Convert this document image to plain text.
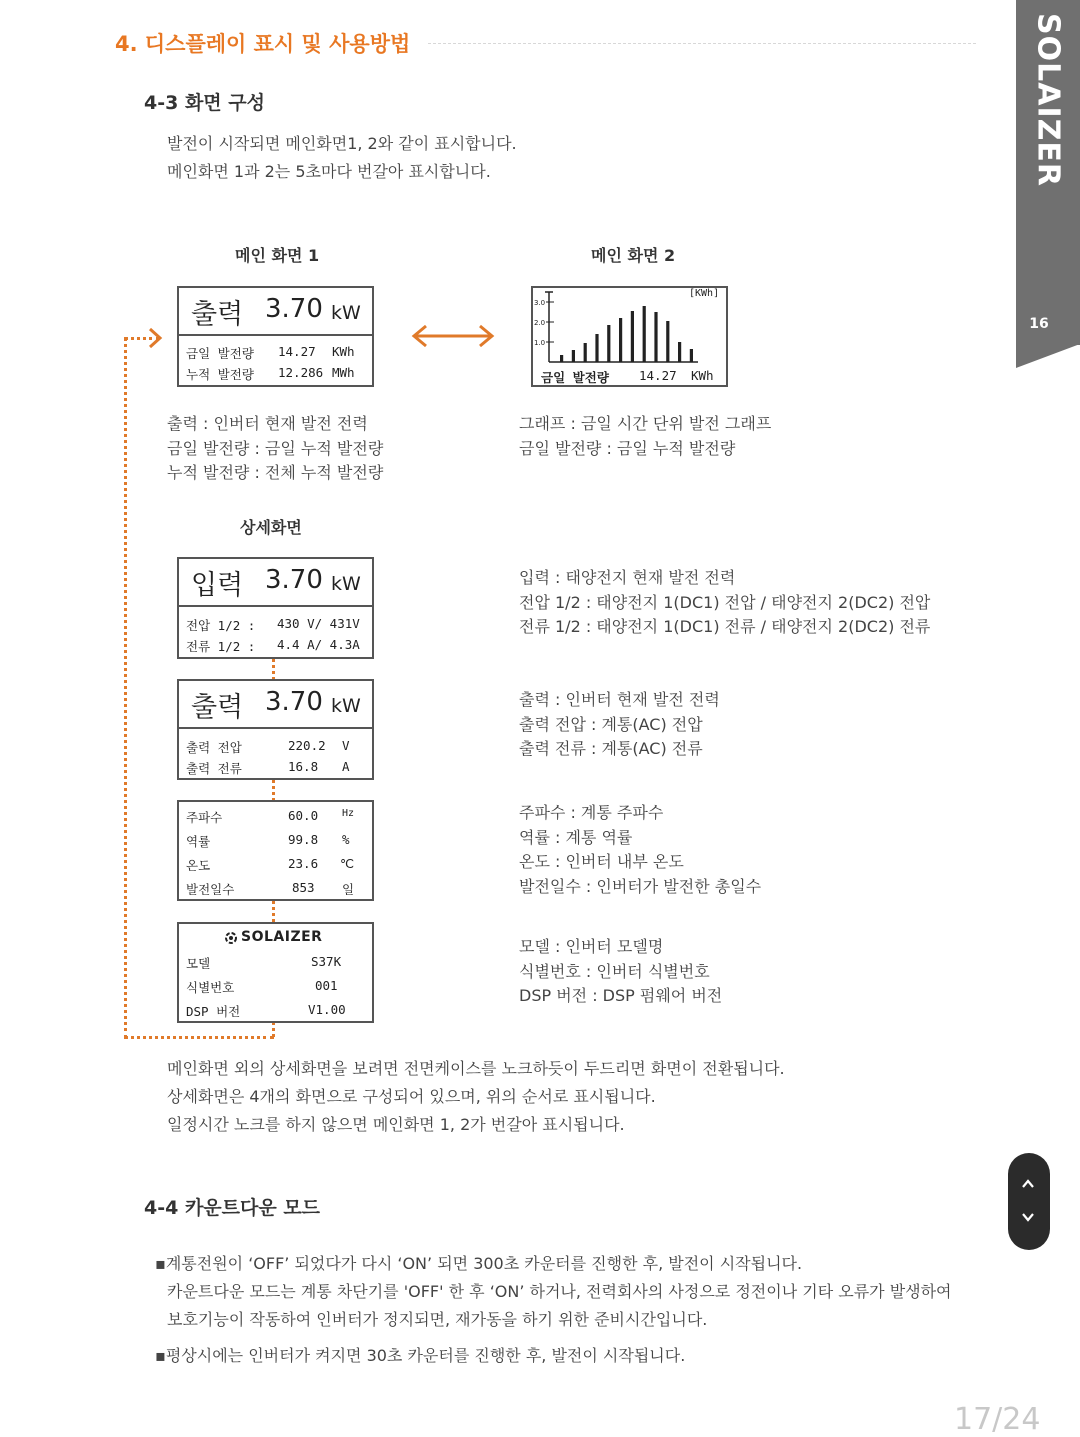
4. 디스플레이 표시 및 사용방법	SOLAIZER
16
4-3 화면 구성
발전이 시작되면 메인화면1, 2와 같이 표시합니다.
메인화면 1과 2는 5초마다 번갈아 표시합니다.
메인 화면 1	메인 화면 2
출력 3.70 kW
금일 발전량 14.27 KWh
누적 발전량 12.286 MWh
3.0
2.0
1.0
[KWh]
금일 발전량 14.27 KWh
출력 : 인버터 현재 발전 전력
금일 발전량 : 금일 누적 발전량
누적 발전량 : 전체 누적 발전량
그래프 : 금일 시간 단위 발전 그래프
금일 발전량 : 금일 누적 발전량
상세화면
입력 3.70 kW
전압 1/2 : 430 V/ 431V
전류 1/2 : 4.4 A/ 4.3A
입력 : 태양전지 현재 발전 전력
전압 1/2 : 태양전지 1(DC1) 전압 / 태양전지 2(DC2) 전압
전류 1/2 : 태양전지 1(DC1) 전류 / 태양전지 2(DC2) 전류
출력 3.70 kW
출력 전압	220.2 V
출력 전류	16.8 A
출력 : 인버터 현재 발전 전력
출력 전압 : 계통(AC) 전압
출력 전류 : 계통(AC) 전류
주파수	60.0 Hz
역률	99.8 %
온도	23.6 ℃
발전일수	853 일
주파수 : 계통 주파수
역률 : 계통 역률
온도 : 인버터 내부 온도
발전일수 : 인버터가 발전한 총일수
SOLAIZER
모델	S37K
식별번호	001
DSP 버전	V1.00
모델 : 인버터 모델명
식별번호 : 인버터 식별번호
DSP 버전 : DSP 펌웨어 버전
메인화면 외의 상세화면을 보려면 전면케이스를 노크하듯이 두드리면 화면이 전환됩니다.
상세화면은 4개의 화면으로 구성되어 있으며, 위의 순서로 표시됩니다.
일정시간 노크를 하지 않으면 메인화면 1, 2가 번갈아 표시됩니다.
4-4 카운트다운 모드
▪계통전원이 ‘OFF’ 되었다가 다시 ‘ON’ 되면 300초 카운터를 진행한 후, 발전이 시작됩니다.
카운트다운 모드는 계통 차단기를 'OFF' 한 후 ‘ON’ 하거나, 전력회사의 사정으로 정전이나 기타 오류가 발생하여
보호기능이 작동하여 인버터가 정지되면, 재가동을 하기 위한 준비시간입니다.
▪평상시에는 인버터가 켜지면 30초 카운터를 진행한 후, 발전이 시작됩니다.
17/24
